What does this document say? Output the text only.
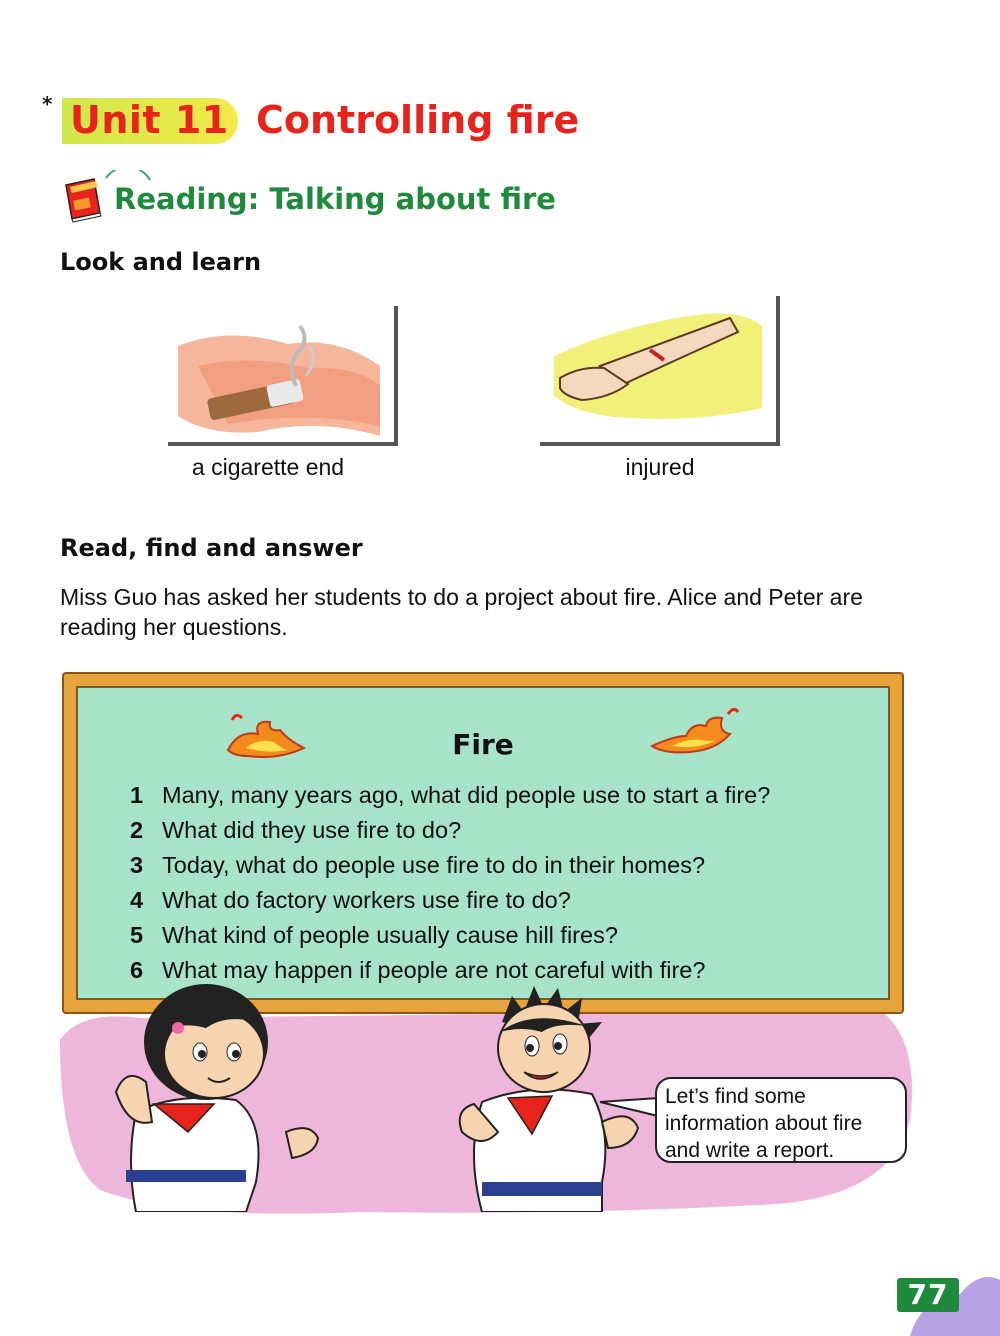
* Unit 11 Controlling fire
Reading: Talking about fire
Look and learn
a cigarette end	injured
Read, find and answer
Miss Guo has asked her students to do a project about fire. Alice and Peter are reading her questions.
Fire
1 Many, many years ago, what did people use to start a fire?
2 What did they use fire to do?
3 Today, what do people use fire to do in their homes?
4 What do factory workers use fire to do?
5 What kind of people usually cause hill fires?
6 What may happen if people are not careful with fire?
Let’s find some
information about fire
and write a report.
77
